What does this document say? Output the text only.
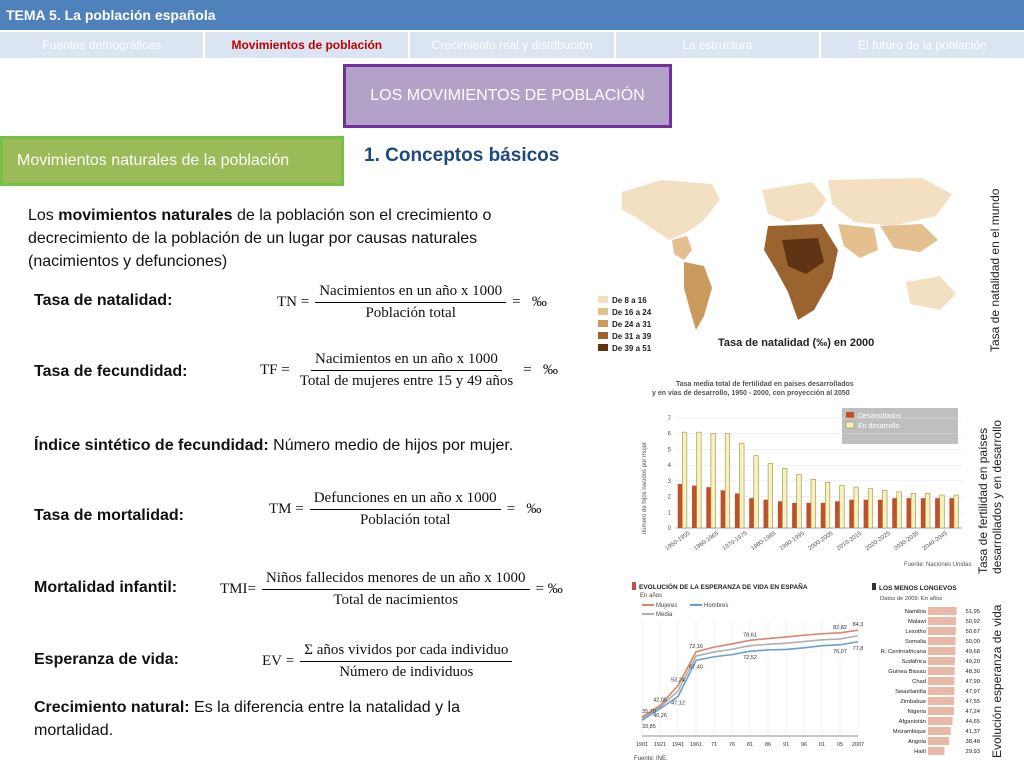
TEMA 5. La población española
Fuentes demográficas	Movimientos de población	Crecimiento real y distribución	La estructura	El futuro de la población
LOS MOVIMIENTOS DE POBLACIÓN
Movimientos naturales de la población	1. Conceptos básicos
Los movimientos naturales de la población son el crecimiento o decrecimiento de la población de un lugar por causas naturales (nacimientos y defunciones)
Tasa de natalidad:	TN = $\frac{\text{Nacimientos en un año x 1000}}{\text{Población total}}$ = ‰
Tasa de fecundidad:	TF = $\frac{\text{Nacimientos en un año x 1000}}{\text{Total de mujeres entre 15 y 49 años}}$ = ‰
Índice sintético de fecundidad: Número medio de hijos por mujer.
Tasa de mortalidad:	TM = $\frac{\text{Defunciones en un año x 1000}}{\text{Población total}}$ = ‰
Mortalidad infantil:	TMI = $\frac{\text{Niños fallecidos menores de un año x 1000}}{\text{Total de nacimientos}}$ = ‰
Esperanza de vida:	EV = $\frac{\text{Σ años vividos por cada individuo}}{\text{Número de individuos}}$
Crecimiento natural: Es la diferencia entre la natalidad y la mortalidad.
De 8 a 16
De 16 a 24
De 24 a 31
De 31 a 39
De 39 a 51	Tasa de natalidad (‰) en 2000	Tasa de natalidad en el mundo
Tasa media total de fertilidad en países desarrollados
y en vías de desarrollo, 1950 - 2000, con proyección al 2050
número de hijos nacidos por mujer
Desarrollados
En desarrollo
0
1
2
3
4
5
6
7
1950-1955 1960-1965 1970-1975 1980-1985 1990-1995 2000-2005 2010-2015 2020-2025 2030-2035 2040-2045
Fuente: Naciones Unidas Tasa de fertilidad en países desarrollados y en desarrollo
EVOLUCIÓN DE LA ESPERANZA DE VIDA EN ESPAÑA
En años
Mujeres	Hombres
Media
35,70
33,85
42,05
40,26
53,24
47,12
72,16
67,40
78,61
72,52
82,82
76,07
84,3
77,8
1901 1921 1941 1961 71 76 81 86 91 96 01 05 2007
Fuente: INE.
LOS MENOS LONGEVOS
Datos de 2009. En años
Namibia	51,95
Malawi	50,92
Lesotho	50,67
Somalia	50,00
R. Centroafricana	49,68
Sudáfrica	49,20
Guinea Bissau	48,30
Chad	47,99
Swazilandia	47,97
Zimbabue	47,55
Nigeria	47,24
Afganistán	44,65
Mozambique	41,37
Angola	38,48
Haití	29,93 Evolución esperanza de vida
